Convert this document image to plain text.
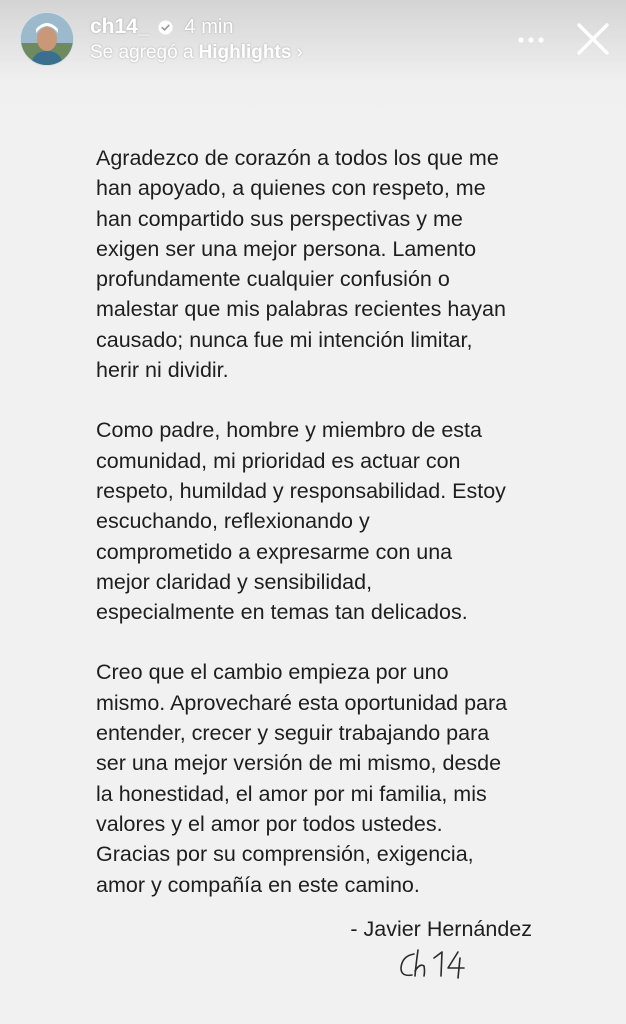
ch14_ 4 min
Se agregó a Highlights ›

Agradezco de corazón a todos los que me
han apoyado, a quienes con respeto, me
han compartido sus perspectivas y me
exigen ser una mejor persona. Lamento
profundamente cualquier confusión o
malestar que mis palabras recientes hayan
causado; nunca fue mi intención limitar,
herir ni dividir.

Como padre, hombre y miembro de esta
comunidad, mi prioridad es actuar con
respeto, humildad y responsabilidad. Estoy
escuchando, reflexionando y
comprometido a expresarme con una
mejor claridad y sensibilidad,
especialmente en temas tan delicados.

Creo que el cambio empieza por uno
mismo. Aprovecharé esta oportunidad para
entender, crecer y seguir trabajando para
ser una mejor versión de mi mismo, desde
la honestidad, el amor por mi familia, mis
valores y el amor por todos ustedes.
Gracias por su comprensión, exigencia,
amor y compañía en este camino.

- Javier Hernández
